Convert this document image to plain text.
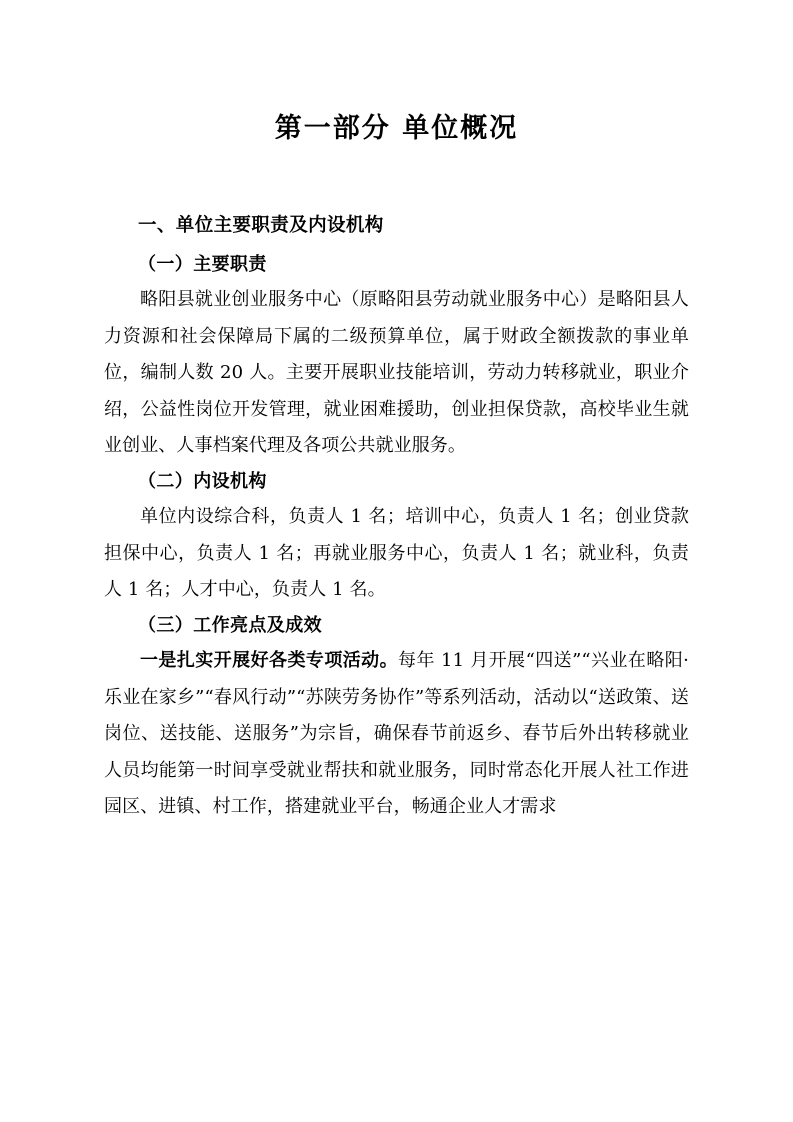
第一部分 单位概况
一、单位主要职责及内设机构
（一）主要职责

略阳县就业创业服务中心（原略阳县劳动就业服务中心）是略阳县人力资源和社会保障局下属的二级预算单位，属于财政全额拨款的事业单位，编制人数 20 人。主要开展职业技能培训，劳动力转移就业，职业介绍，公益性岗位开发管理，就业困难援助，创业担保贷款，高校毕业生就业创业、人事档案代理及各项公共就业服务。

（二）内设机构

单位内设综合科，负责人 1 名；培训中心，负责人 1 名；创业贷款担保中心，负责人 1 名；再就业服务中心，负责人 1 名；就业科，负责人 1 名；人才中心，负责人 1 名。

（三）工作亮点及成效

一是扎实开展好各类专项活动。每年 11 月开展“四送”“兴业在略阳·乐业在家乡”“春风行动”“苏陕劳务协作”等系列活动，活动以“送政策、送岗位、送技能、送服务”为宗旨，确保春节前返乡、春节后外出转移就业人员均能第一时间享受就业帮扶和就业服务，同时常态化开展人社工作进园区、进镇、村工作，搭建就业平台，畅通企业人才需求
